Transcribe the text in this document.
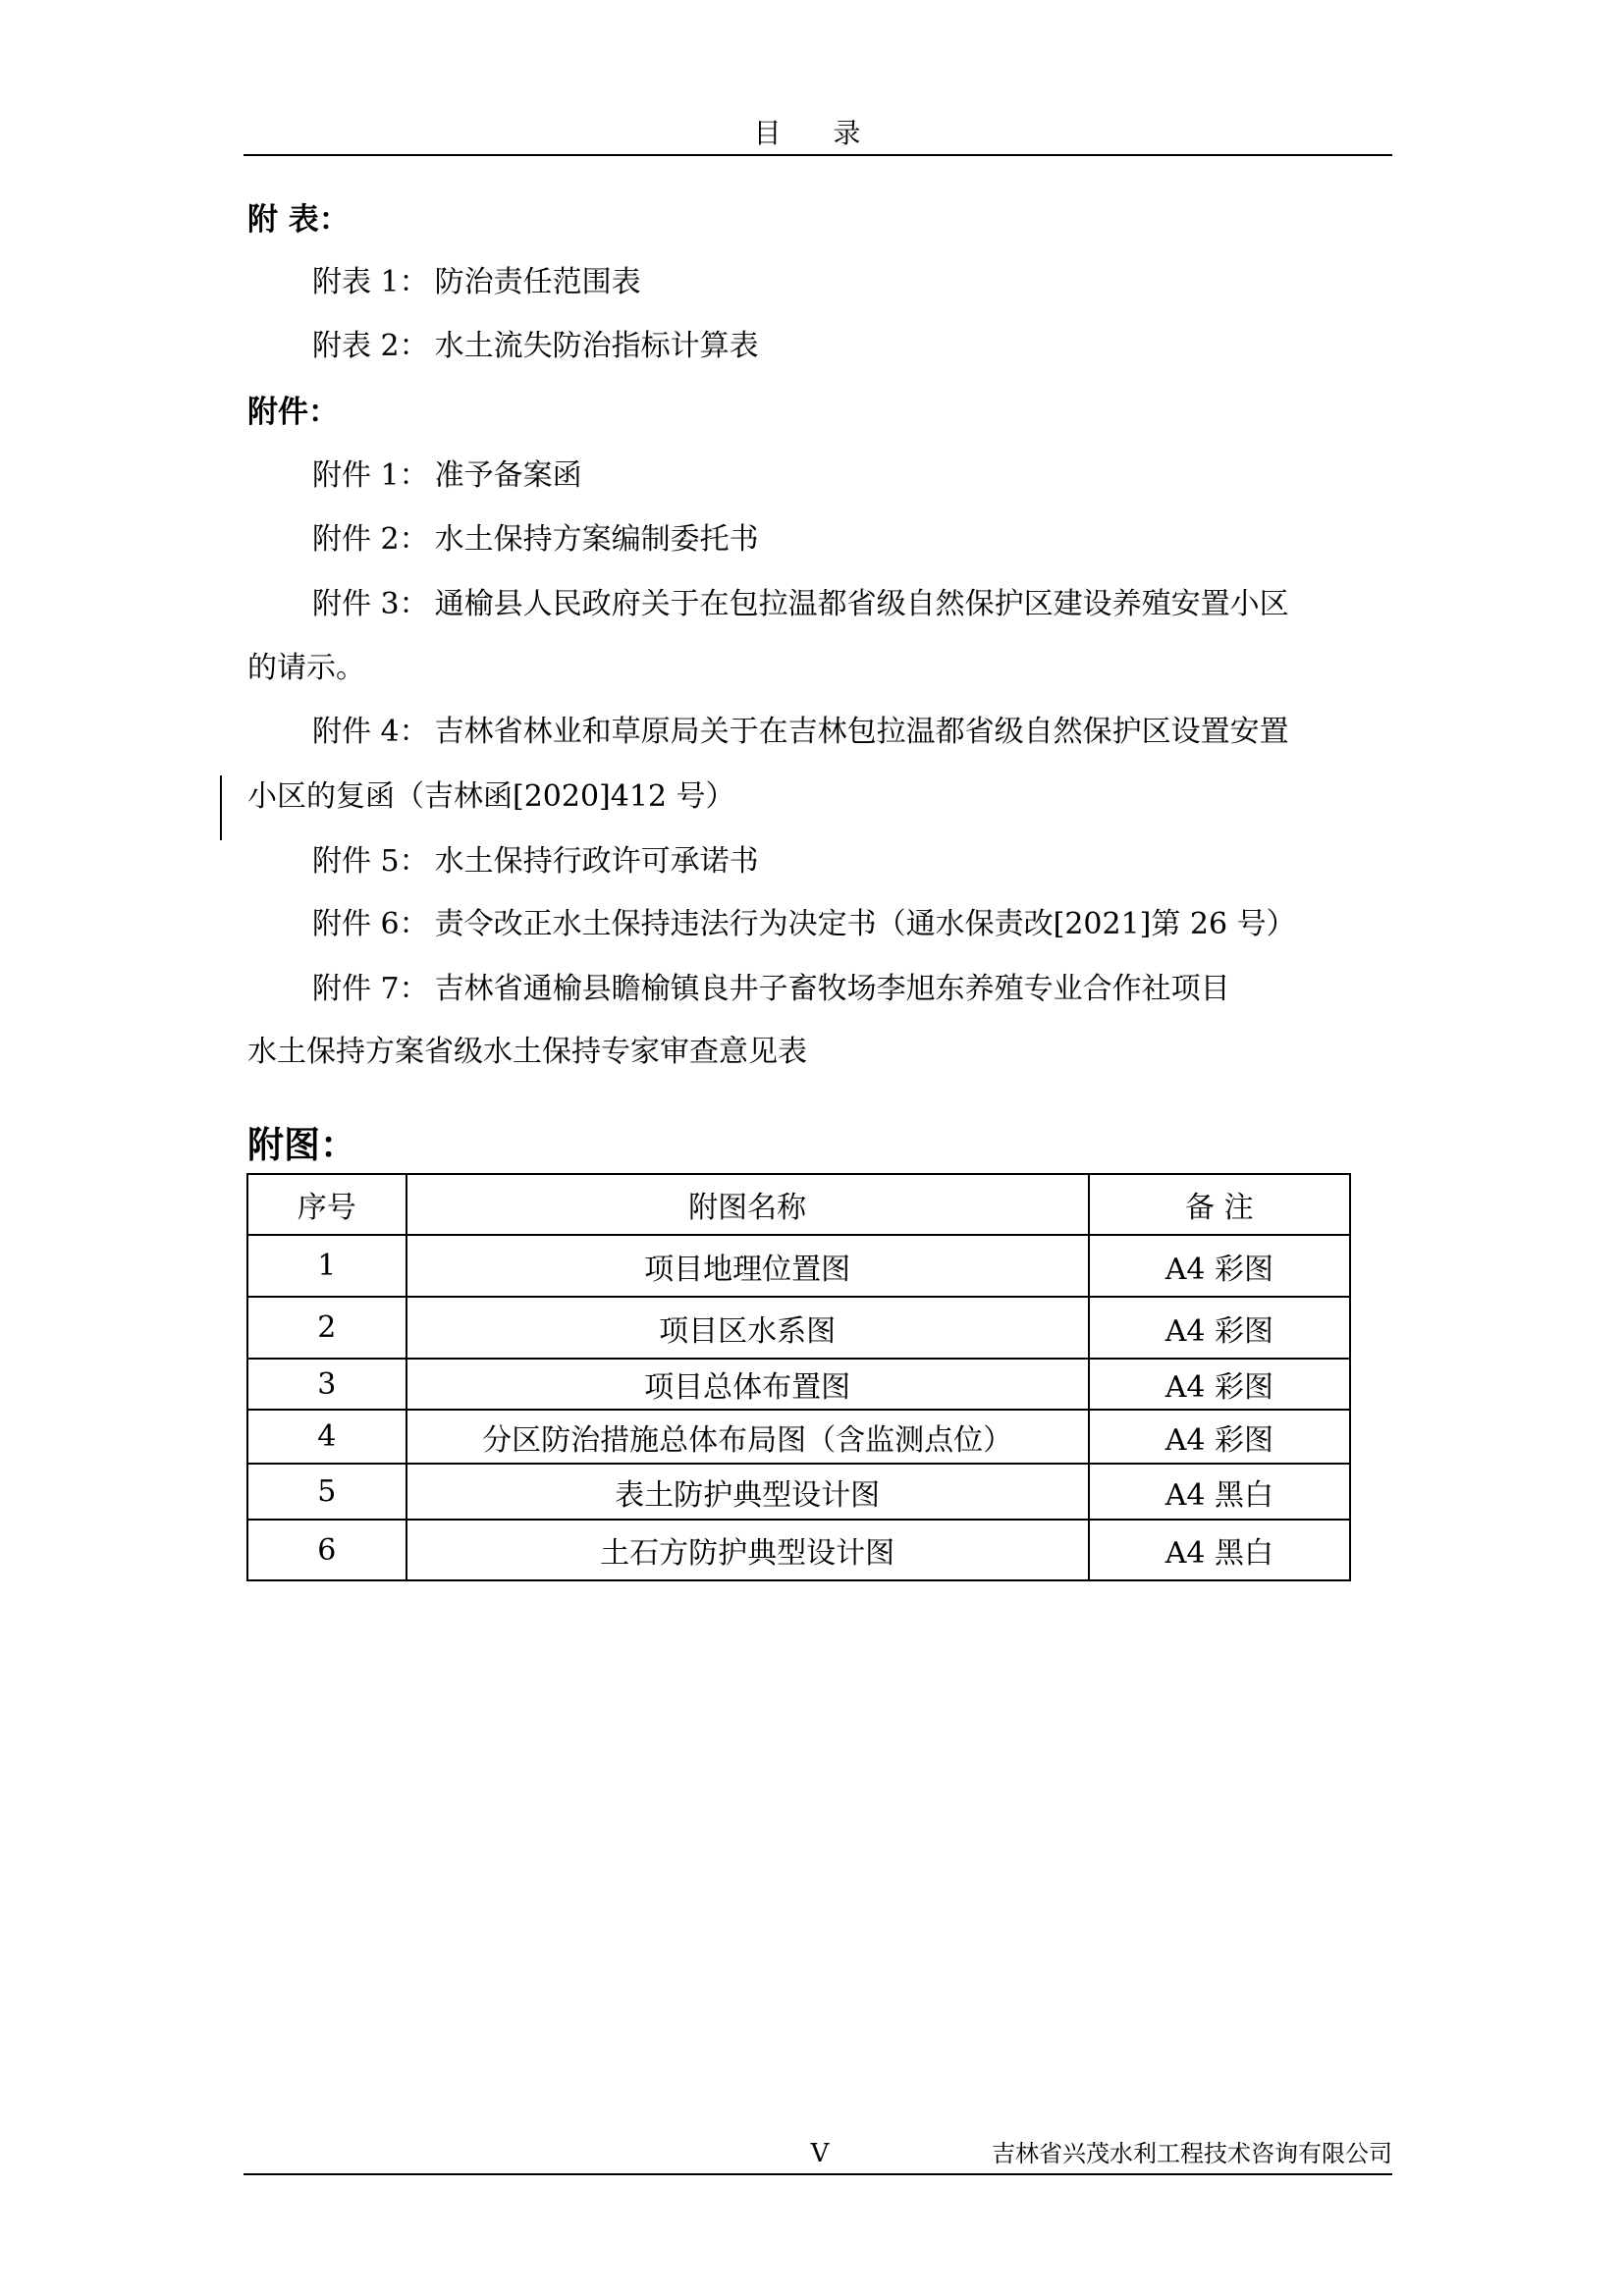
目 录
附 表：
附表 1： 防治责任范围表
附表 2： 水土流失防治指标计算表
附件：
附件 1： 准予备案函
附件 2： 水土保持方案编制委托书
附件 3： 通榆县人民政府关于在包拉温都省级自然保护区建设养殖安置小区
的请示。
附件 4： 吉林省林业和草原局关于在吉林包拉温都省级自然保护区设置安置
小区的复函（吉林函[2020]412 号）
附件 5： 水土保持行政许可承诺书
附件 6： 责令改正水土保持违法行为决定书（通水保责改[2021]第 26 号）
附件 7： 吉林省通榆县瞻榆镇良井子畜牧场李旭东养殖专业合作社项目
水土保持方案省级水土保持专家审查意见表
附图：
序号	附图名称	备 注
1	项目地理位置图	A4 彩图
2	项目区水系图	A4 彩图
3	项目总体布置图	A4 彩图
4	分区防治措施总体布局图（含监测点位）	A4 彩图
5	表土防护典型设计图	A4 黑白
6	土石方防护典型设计图	A4 黑白
V	吉林省兴茂水利工程技术咨询有限公司
